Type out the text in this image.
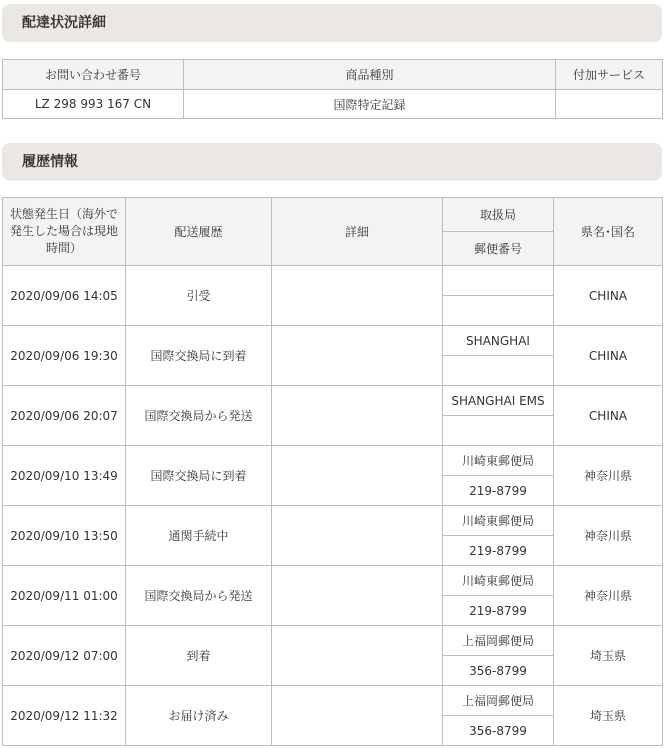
配達状況詳細
お問い合わせ番号	商品種別	付加サービス
LZ 298 993 167 CN	国際特定記録	
履歴情報
状態発生日（海外で発生した場合は現地時間）	配送履歴	詳細	取扱局	県名･国名
			郵便番号	
2020/09/06 14:05	引受			CHINA

2020/09/06 19:30	国際交換局に到着		SHANGHAI	CHINA

2020/09/06 20:07	国際交換局から発送		SHANGHAI EMS	CHINA

2020/09/10 13:49	国際交換局に到着		川崎東郵便局	神奈川県
			219-8799	
2020/09/10 13:50	通関手続中		川崎東郵便局	神奈川県
			219-8799	
2020/09/11 01:00	国際交換局から発送		川崎東郵便局	神奈川県
			219-8799	
2020/09/12 07:00	到着		上福岡郵便局	埼玉県
			356-8799	
2020/09/12 11:32	お届け済み		上福岡郵便局	埼玉県
			356-8799	
